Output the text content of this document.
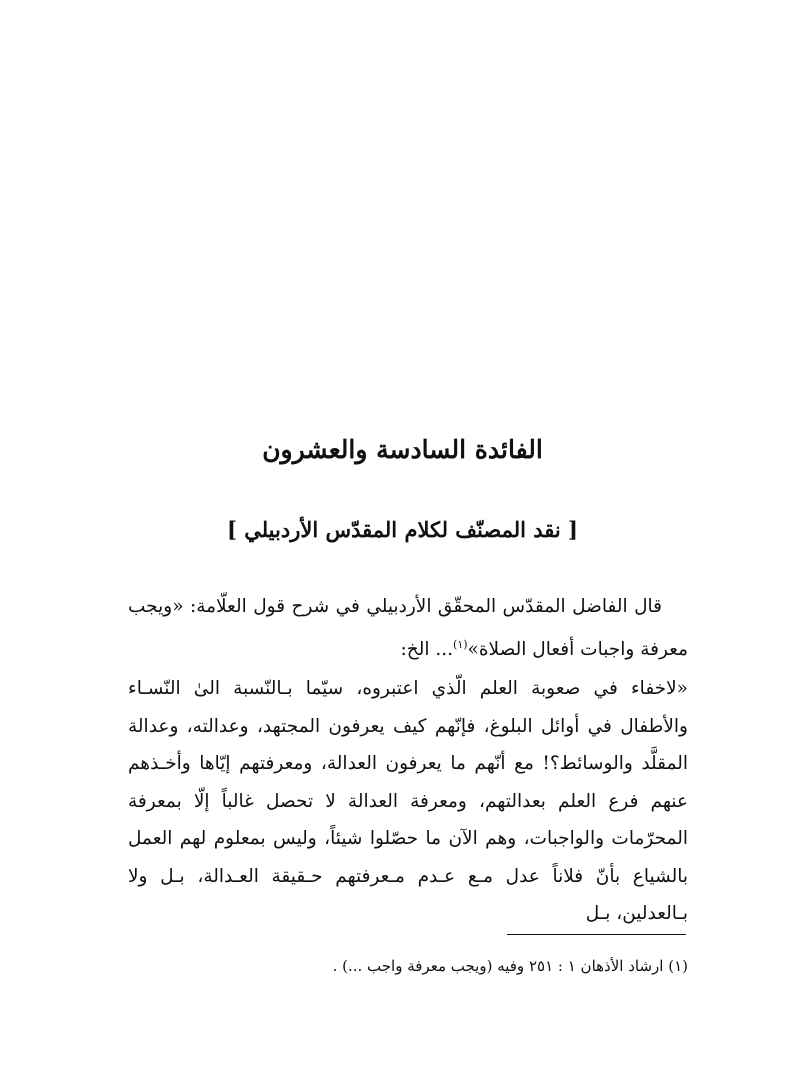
الفائدة السادسة والعشرون
[ نقد المصنّف لكلام المقدّس الأردبيلي ]

قال الفاضل المقدّس المحقّق الأردبيلي في شرح قول العلّامة: «ويجب معرفة واجبات أفعال الصلاة»$^{(١)}$... الخ:

«لاخفاء في صعوبة العلم الّذي اعتبروه، سيّما بـالنّسبة الىٰ النّسـاء والأطفال في أوائل البلوغ، فإنّهم كيف يعرفون المجتهد، وعدالته، وعدالة المقلَّد والوسائط؟! مع أنّهم ما يعرفون العدالة، ومعرفتهم إيّاها وأخـذهم عنهم فرع العلم بعدالتهم، ومعرفة العدالة لا تحصل غالباً إلّا بمعرفة المحرّمات والواجبات، وهم الآن ما حصّلوا شيئاً، وليس بمعلوم لهم العمل بالشياع بأنّ فلاناً عدل مـع عـدم مـعرفتهم حـقيقة العـدالة، بـل ولا بـالعدلين، بـل

(١) ارشاد الأذهان ١ : ٢٥١ وفيه (ويجب معرفة واجب ...) .
